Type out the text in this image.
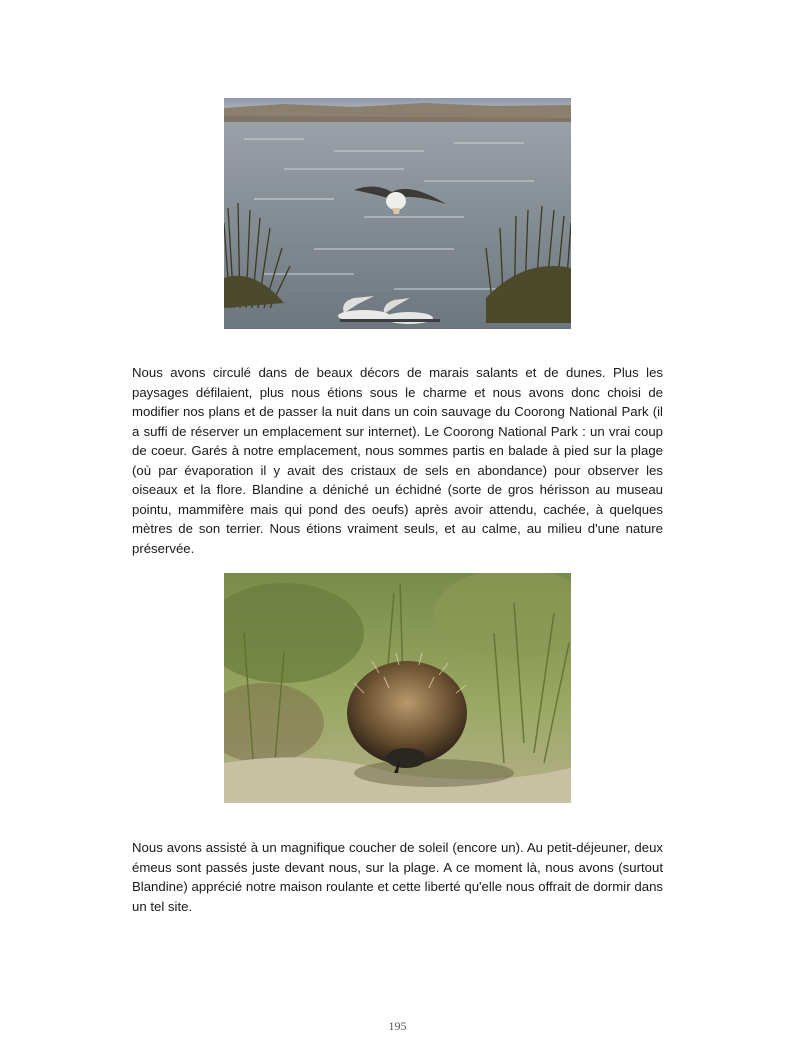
Nous avons circulé dans de beaux décors de marais salants et de dunes. Plus les paysages défilaient, plus nous étions sous le charme et nous avons donc choisi de modifier nos plans et de passer la nuit dans un coin sauvage du Coorong National Park (il a suffi de réserver un emplacement sur internet). Le Coorong National Park : un vrai coup de coeur. Garés à notre emplacement, nous sommes partis en balade à pied sur la plage (où par évaporation il y avait des cristaux de sels en abondance) pour observer les oiseaux et la flore. Blandine a déniché un échidné (sorte de gros hérisson au museau pointu, mammifère mais qui pond des oeufs) après avoir attendu, cachée, à quelques mètres de son terrier. Nous étions vraiment seuls, et au calme, au milieu d'une nature préservée.

Nous avons assisté à un magnifique coucher de soleil (encore un). Au petit-déjeuner, deux émeus sont passés juste devant nous, sur la plage. A ce moment là, nous avons (surtout Blandine) apprécié notre maison roulante et cette liberté qu'elle nous offrait de dormir dans un tel site.

195
